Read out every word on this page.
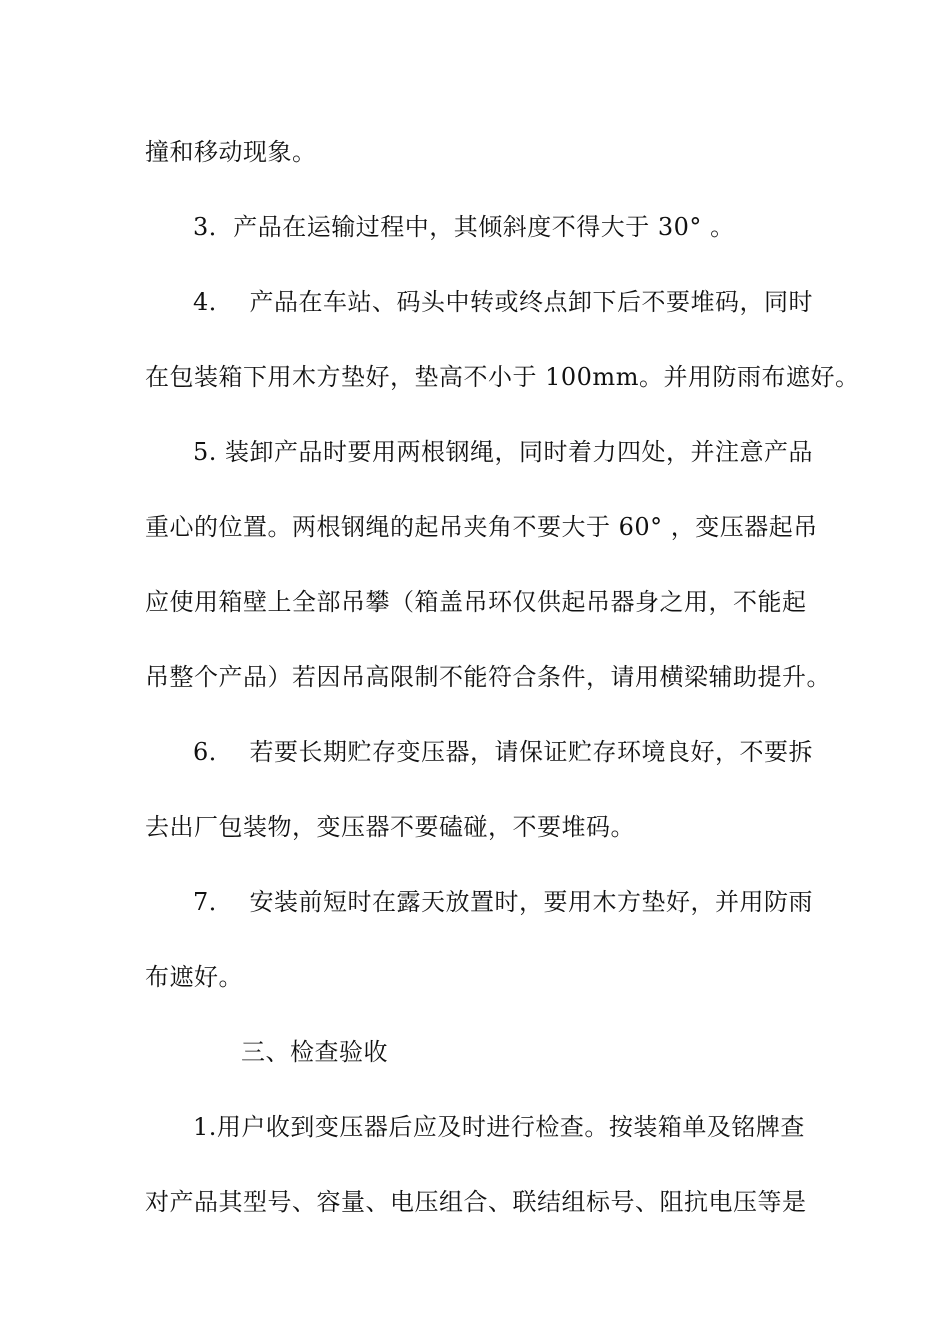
撞和移动现象。
3．产品在运输过程中，其倾斜度不得大于 30° 。
4．  产品在车站、码头中转或终点卸下后不要堆码，同时
在包装箱下用木方垫好，垫高不小于 100mm。并用防雨布遮好。
5. 装卸产品时要用两根钢绳，同时着力四处，并注意产品
重心的位置。两根钢绳的起吊夹角不要大于 60° ，变压器起吊
应使用箱壁上全部吊攀（箱盖吊环仅供起吊器身之用，不能起
吊整个产品）若因吊高限制不能符合条件，请用横梁辅助提升。
6．  若要长期贮存变压器，请保证贮存环境良好，不要拆
去出厂包装物，变压器不要磕碰，不要堆码。
7．  安装前短时在露天放置时，要用木方垫好，并用防雨
布遮好。
三、检查验收
1.用户收到变压器后应及时进行检查。按装箱单及铭牌查
对产品其型号、容量、电压组合、联结组标号、阻抗电压等是
